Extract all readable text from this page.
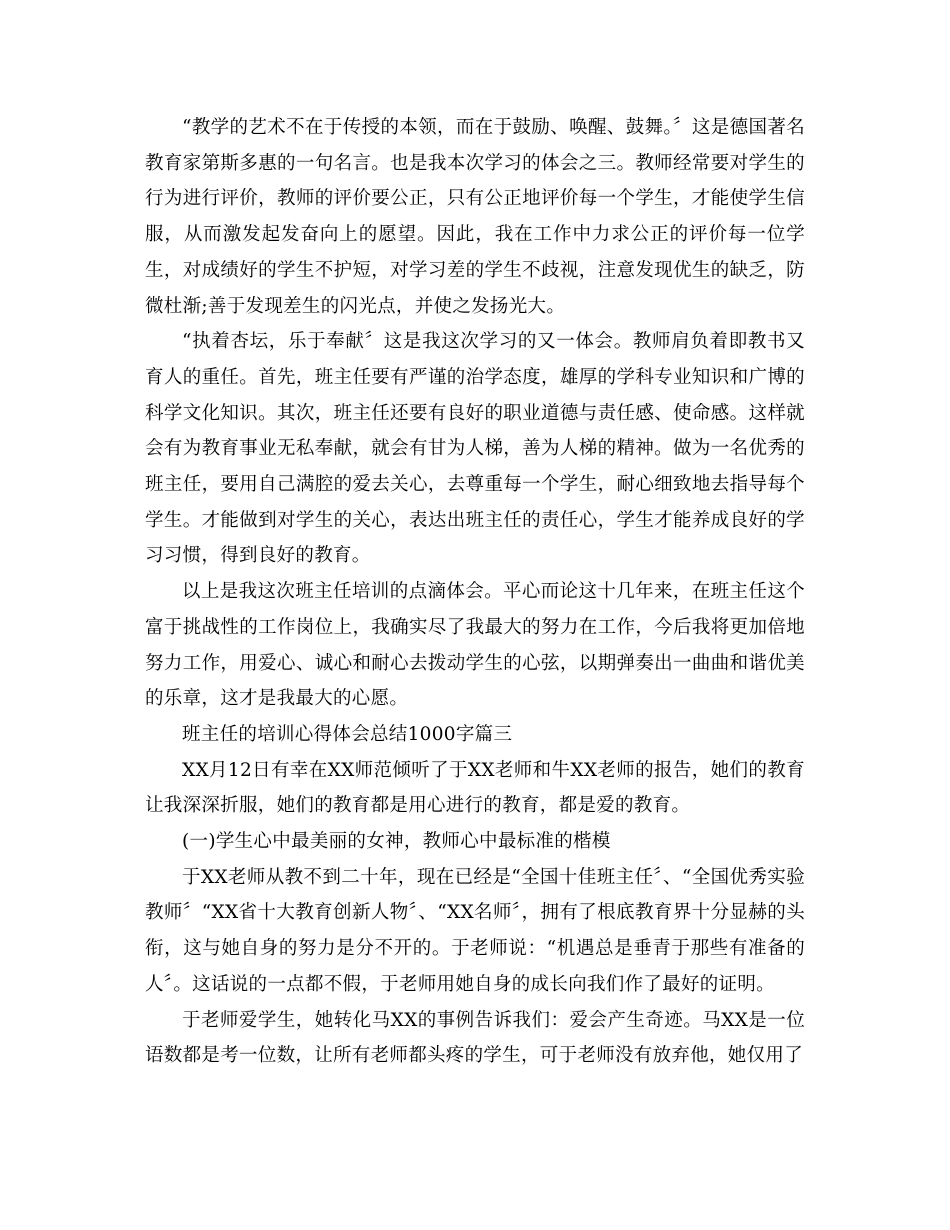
“教学的艺术不在于传授的本领，而在于鼓励、唤醒、鼓舞。〞这是德国著名教育家第斯多惠的一句名言。也是我本次学习的体会之三。教师经常要对学生的行为进行评价，教师的评价要公正，只有公正地评价每一个学生，才能使学生信服，从而激发起发奋向上的愿望。因此，我在工作中力求公正的评价每一位学生，对成绩好的学生不护短，对学习差的学生不歧视，注意发现优生的缺乏，防微杜渐;善于发现差生的闪光点，并使之发扬光大。

“执着杏坛，乐于奉献〞这是我这次学习的又一体会。教师肩负着即教书又育人的重任。首先，班主任要有严谨的治学态度，雄厚的学科专业知识和广博的科学文化知识。其次，班主任还要有良好的职业道德与责任感、使命感。这样就会有为教育事业无私奉献，就会有甘为人梯，善为人梯的精神。做为一名优秀的班主任，要用自己满腔的爱去关心，去尊重每一个学生，耐心细致地去指导每个学生。才能做到对学生的关心，表达出班主任的责任心，学生才能养成良好的学习习惯，得到良好的教育。

以上是我这次班主任培训的点滴体会。平心而论这十几年来，在班主任这个富于挑战性的工作岗位上，我确实尽了我最大的努力在工作，今后我将更加倍地努力工作，用爱心、诚心和耐心去拨动学生的心弦，以期弹奏出一曲曲和谐优美的乐章，这才是我最大的心愿。

班主任的培训心得体会总结1000字篇三

XX月12日有幸在XX师范倾听了于XX老师和牛XX老师的报告，她们的教育让我深深折服，她们的教育都是用心进行的教育，都是爱的教育。

(一)学生心中最美丽的女神，教师心中最标准的楷模

于XX老师从教不到二十年，现在已经是“全国十佳班主任〞、“全国优秀实验教师〞“XX省十大教育创新人物〞、“XX名师〞，拥有了根底教育界十分显赫的头衔，这与她自身的努力是分不开的。于老师说：“机遇总是垂青于那些有准备的人〞。这话说的一点都不假，于老师用她自身的成长向我们作了最好的证明。

于老师爱学生，她转化马XX的事例告诉我们：爱会产生奇迹。马XX是一位语数都是考一位数，让所有老师都头疼的学生，可于老师没有放弃他，她仅用了
